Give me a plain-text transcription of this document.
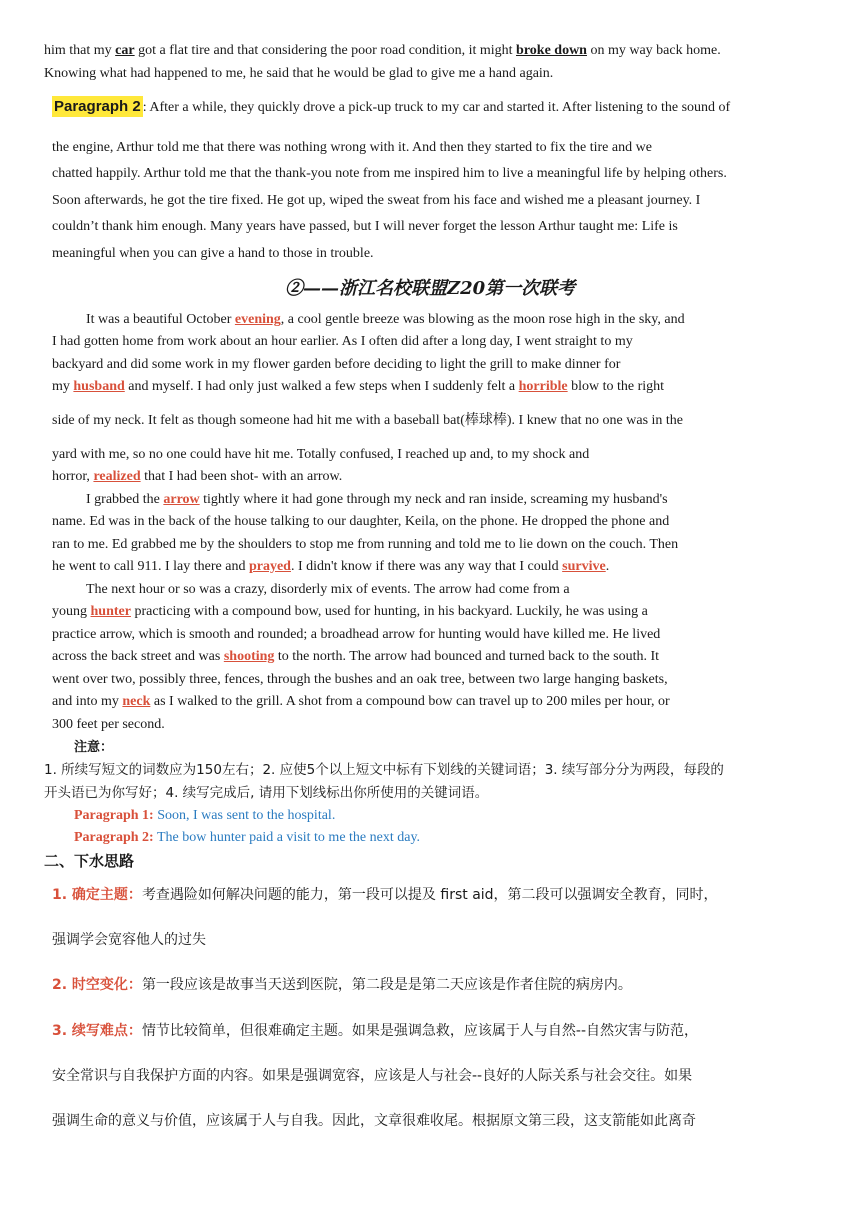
him that my car got a flat tire and that considering the poor road condition, it might broke down on my way back home.
Knowing what had happened to me, he said that he would be glad to give me a hand again.
Paragraph 2 : After a while, they quickly drove a pick-up truck to my car and started it. After listening to the sound of
the engine, Arthur told me that there was nothing wrong with it. And then they started to fix the tire and we
chatted happily. Arthur told me that the thank-you note from me inspired him to live a meaningful life by helping others.
Soon afterwards, he got the tire fixed. He got up, wiped the sweat from his face and wished me a pleasant journey. I
couldn’t thank him enough. Many years have passed, but I will never forget the lesson Arthur taught me: Life is
meaningful when you can give a hand to those in trouble.
②——浙江名校联盟Z20第一次联考
It was a beautiful October evening, a cool gentle breeze was blowing as the moon rose high in the sky, and
I had gotten home from work about an hour earlier. As I often did after a long day, I went straight to my
backyard and did some work in my flower garden before deciding to light the grill to make dinner for
my husband and myself. I had only just walked a few steps when I suddenly felt a horrible blow to the right
side of my neck. It felt as though someone had hit me with a baseball bat(棒球棒). I knew that no one was in the
yard with me, so no one could have hit me. Totally confused, I reached up and, to my shock and
horror, realized that I had been shot- with an arrow.
I grabbed the arrow tightly where it had gone through my neck and ran inside, screaming my husband's
name. Ed was in the back of the house talking to our daughter, Keila, on the phone. He dropped the phone and
ran to me. Ed grabbed me by the shoulders to stop me from running and told me to lie down on the couch. Then
he went to call 911. I lay there and prayed. I didn't know if there was any way that I could survive.
The next hour or so was a crazy, disorderly mix of events. The arrow had come from a
young hunter practicing with a compound bow, used for hunting, in his backyard. Luckily, he was using a
practice arrow, which is smooth and rounded; a broadhead arrow for hunting would have killed me. He lived
across the back street and was shooting to the north. The arrow had bounced and turned back to the south. It
went over two, possibly three, fences, through the bushes and an oak tree, between two large hanging baskets,
and into my neck as I walked to the grill. A shot from a compound bow can travel up to 200 miles per hour, or
300 feet per second.
注意：
1. 所续写短文的词数应为150左右；2. 应使5个以上短文中标有下划线的关键词语；3. 续写部分分为两段，每段的
开头语已为你写好；4. 续写完成后, 请用下划线标出你所使用的关键词语。
Paragraph 1: Soon, I was sent to the hospital.
Paragraph 2: The bow hunter paid a visit to me the next day.
二、下水思路
1. 确定主题：考查遇险如何解决问题的能力，第一段可以提及 first aid，第二段可以强调安全教育，同时，
强调学会宽容他人的过失
2. 时空变化：第一段应该是故事当天送到医院，第二段是是第二天应该是作者住院的病房内。
3. 续写难点：情节比较简单，但很难确定主题。如果是强调急救，应该属于人与自然--自然灾害与防范，
安全常识与自我保护方面的内容。如果是强调宽容，应该是人与社会--良好的人际关系与社会交往。如果
强调生命的意义与价值，应该属于人与自我。因此，文章很难收尾。根据原文第三段，这支箭能如此离奇
